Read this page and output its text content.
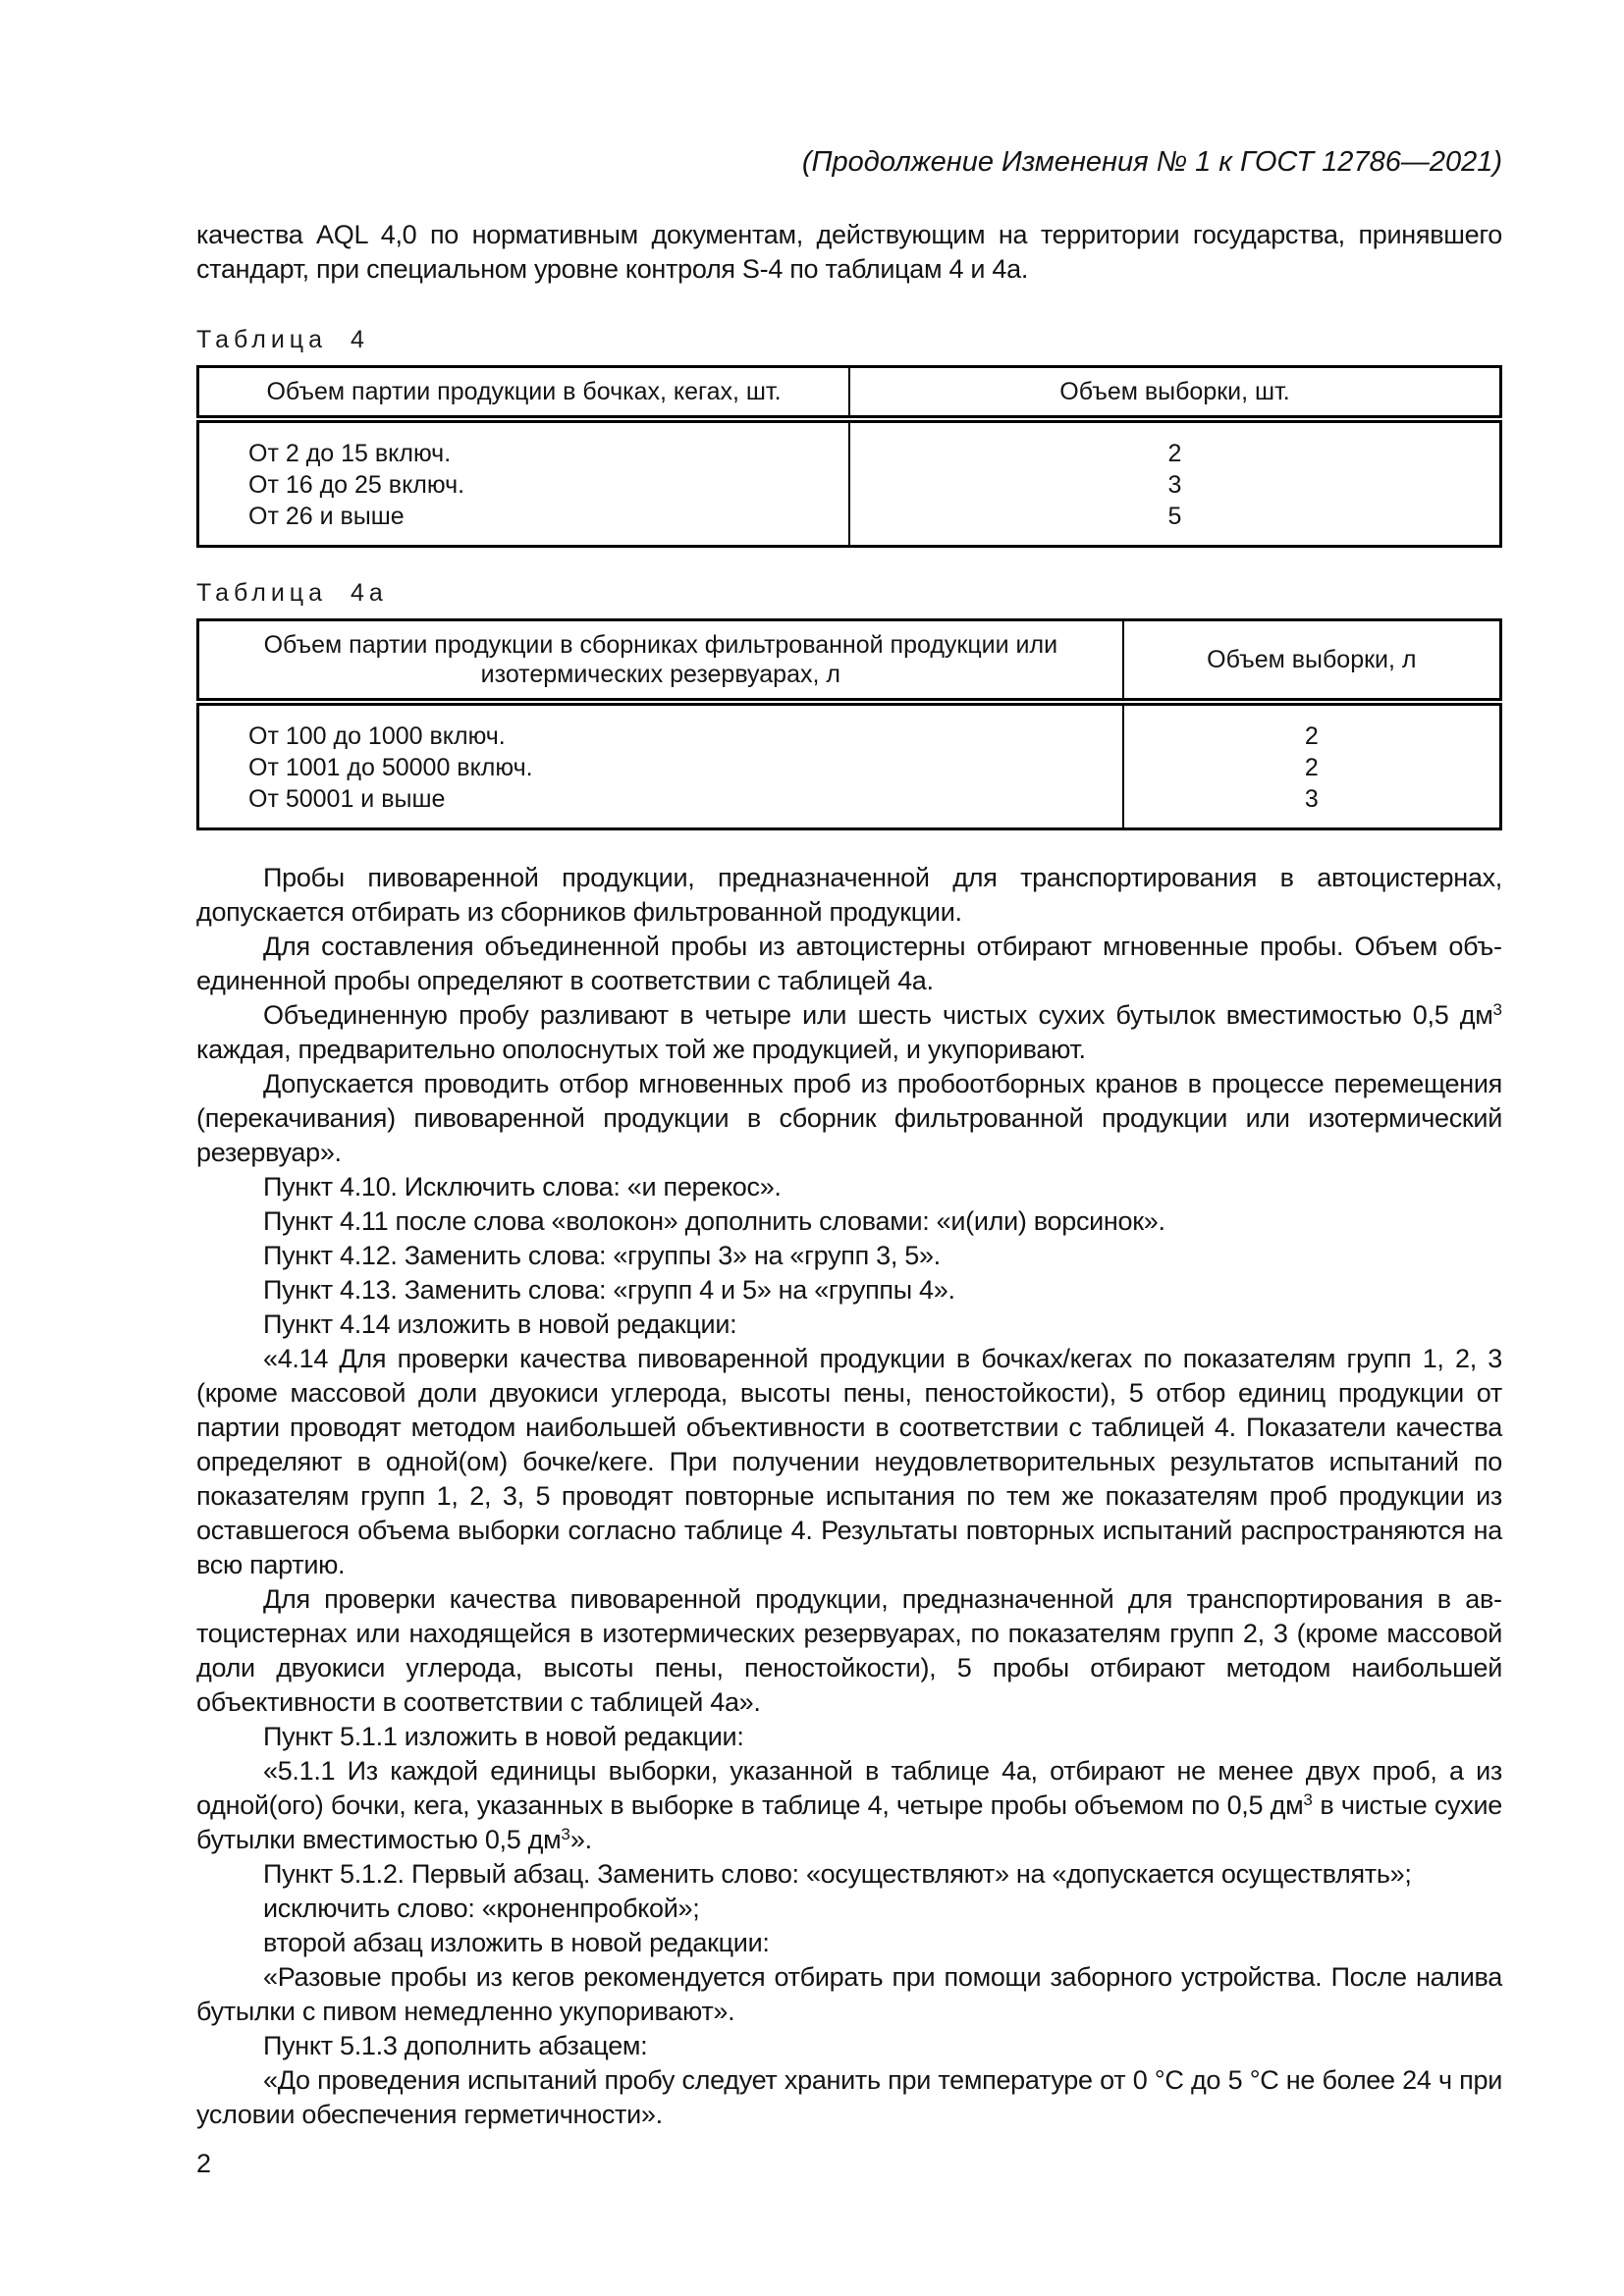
(Продолжение Изменения № 1 к ГОСТ 12786—2021)

качества AQL 4,0 по нормативным документам, действующим на территории государства, принявшего стандарт, при специальном уровне контроля S-4 по таблицам 4 и 4а.

Таблица 4
Объем партии продукции в бочках, кегах, шт.	Объем выборки, шт.
От 2 до 15 включ.	2
От 16 до 25 включ.	3
От 26 и выше	5
Таблица 4а
Объем партии продукции в сборниках фильтрованной продукции или изотермических резервуарах, л	Объем выборки, л
От 100 до 1000 включ.	2
От 1001 до 50000 включ.	2
От 50001 и выше	3

Пробы пивоваренной продукции, предназначенной для транспортирования в автоцистернах, допускается отбирать из сборников фильтрованной продукции.

Для составления объединенной пробы из автоцистерны отбирают мгновенные пробы. Объем объединенной пробы определяют в соответствии с таблицей 4а.

Объединенную пробу разливают в четыре или шесть чистых сухих бутылок вместимостью 0,5 $дм^3$ каждая, предварительно ополоснутых той же продукцией, и укупоривают.

Допускается проводить отбор мгновенных проб из пробоотборных кранов в процессе перемещения (перекачивания) пивоваренной продукции в сборник фильтрованной продукции или изотермический резервуар».

Пункт 4.10. Исключить слова: «и перекос».

Пункт 4.11 после слова «волокон» дополнить словами: «и(или) ворсинок».

Пункт 4.12. Заменить слова: «группы 3» на «групп 3, 5».

Пункт 4.13. Заменить слова: «групп 4 и 5» на «группы 4».

Пункт 4.14 изложить в новой редакции:

«4.14 Для проверки качества пивоваренной продукции в бочках/кегах по показателям групп 1, 2, 3 (кроме массовой доли двуокиси углерода, высоты пены, пеностойкости), 5 отбор единиц продукции от партии проводят методом наибольшей объективности в соответствии с таблицей 4. Показатели качества определяют в одной(ом) бочке/кеге. При получении неудовлетворительных результатов испытаний по показателям групп 1, 2, 3, 5 проводят повторные испытания по тем же показателям проб продукции из оставшегося объема выборки согласно таблице 4. Результаты повторных испытаний распространяются на всю партию.

Для проверки качества пивоваренной продукции, предназначенной для транспортирования в автоцистернах или находящейся в изотермических резервуарах, по показателям групп 2, 3 (кроме массовой доли двуокиси углерода, высоты пены, пеностойкости), 5 пробы отбирают методом наибольшей объективности в соответствии с таблицей 4а».

Пункт 5.1.1 изложить в новой редакции:

«5.1.1 Из каждой единицы выборки, указанной в таблице 4а, отбирают не менее двух проб, а из одной(ого) бочки, кега, указанных в выборке в таблице 4, четыре пробы объемом по 0,5 $дм^3$ в чистые сухие бутылки вместимостью 0,5 $дм^3$».

Пункт 5.1.2. Первый абзац. Заменить слово: «осуществляют» на «допускается осуществлять»;

исключить слово: «кроненпробкой»;

второй абзац изложить в новой редакции:

«Разовые пробы из кегов рекомендуется отбирать при помощи заборного устройства. После налива бутылки с пивом немедленно укупоривают».

Пункт 5.1.3 дополнить абзацем:

«До проведения испытаний пробу следует хранить при температуре от 0 °С до 5 °С не более 24 ч при условии обеспечения герметичности».

2
